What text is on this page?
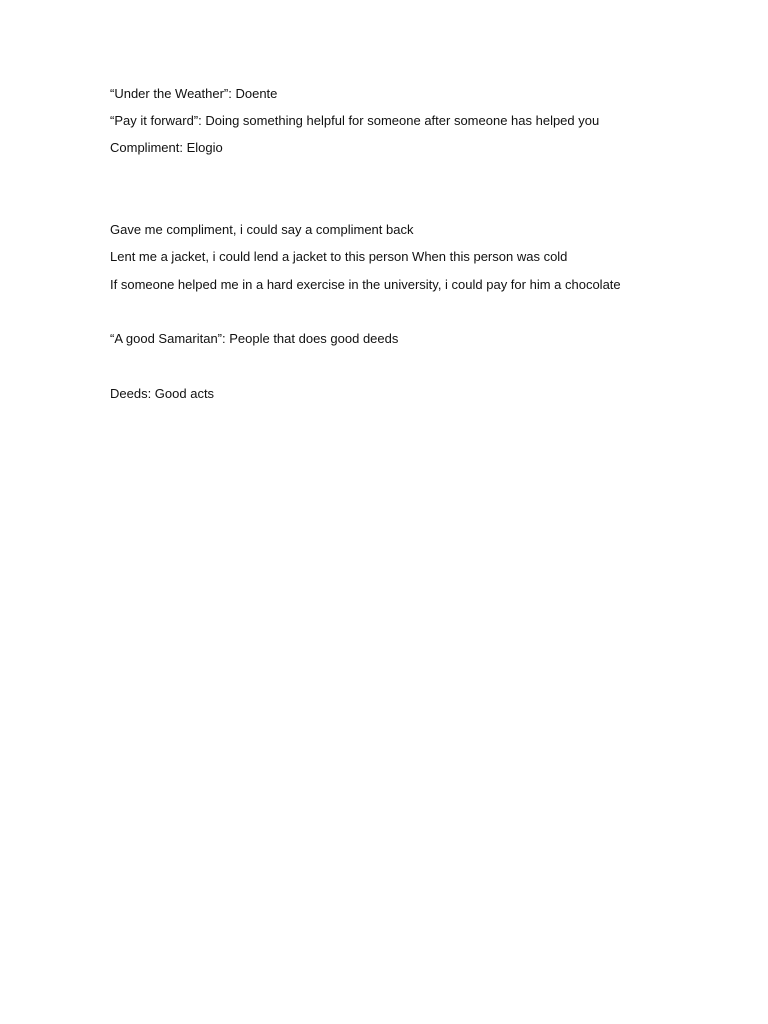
“Under the Weather”: Doente
“Pay it forward”: Doing something helpful for someone after someone has helped you
Compliment: Elogio
Gave me compliment, i could say a compliment back
Lent me a jacket, i could lend a jacket to this person When this person was cold
If someone helped me in a hard exercise in the university, i could pay for him a chocolate
“A good Samaritan”: People that does good deeds
Deeds: Good acts
